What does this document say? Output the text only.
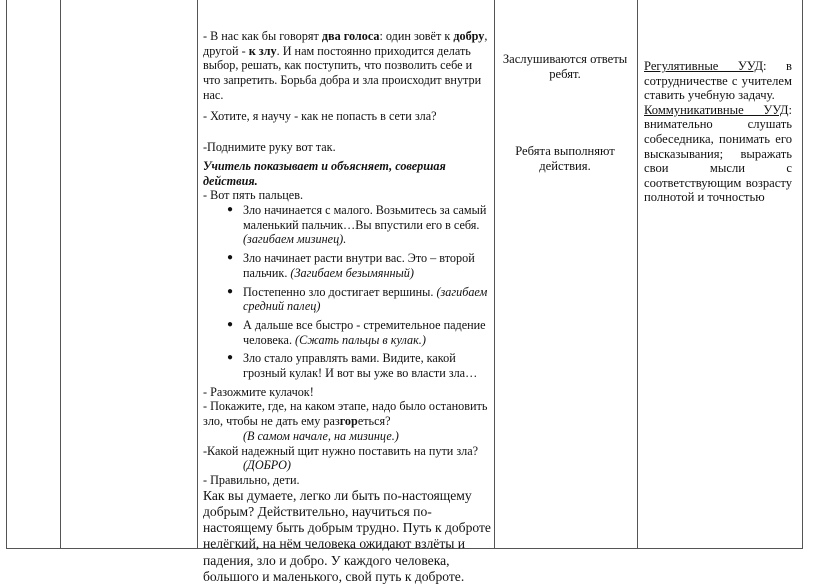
- В нас как бы говорят два голоса: один зовёт к добру, другой - к злу. И нам постоянно приходится делать выбор, решать, как поступить, что позволить себе и что запретить. Борьба добра и зла происходит внутри нас.

- Хотите, я научу - как не попасть в сети зла?

-Поднимите руку вот так.

Учитель показывает и объясняет, совершая действия.

- Вот пять пальцев.

● Зло начинается с малого. Возьмитесь за самый маленький пальчик…Вы впустили его в себя.(загибаем мизинец).
● Зло начинает расти внутри вас. Это – второй пальчик. (Загибаем безымянный)
● Постепенно зло достигает вершины. (загибаем средний палец)
● А дальше все быстро - стремительное падение человека. (Сжать пальцы в кулак.)
● Зло стало управлять вами. Видите, какой грозный кулак! И вот вы уже во власти зла…

- Разожмите кулачок!

- Покажите, где, на каком этапе, надо было остановить зло, чтобы не дать ему разгореться?

(В самом начале, на мизинце.)

-Какой надежный щит нужно поставить на пути зла?

(ДОБРО)

- Правильно, дети.

Как вы думаете, легко ли быть по-настоящему добрым? Действительно, научиться по-настоящему быть добрым трудно. Путь к доброте нелёгкий, на нём человека ожидают взлёты и падения, зло и добро. У каждого человека, большого и маленького, свой путь к доброте.

Заслушиваются ответы ребят.
Ребята выполняют действия.

Регулятивные УУД: в сотрудничестве с учителем ставить учебную задачу.

Коммуникативные УУД: внимательно слушать собеседника, понимать его высказывания; выражать свои мысли с соответствующим возрасту полнотой и точностью
